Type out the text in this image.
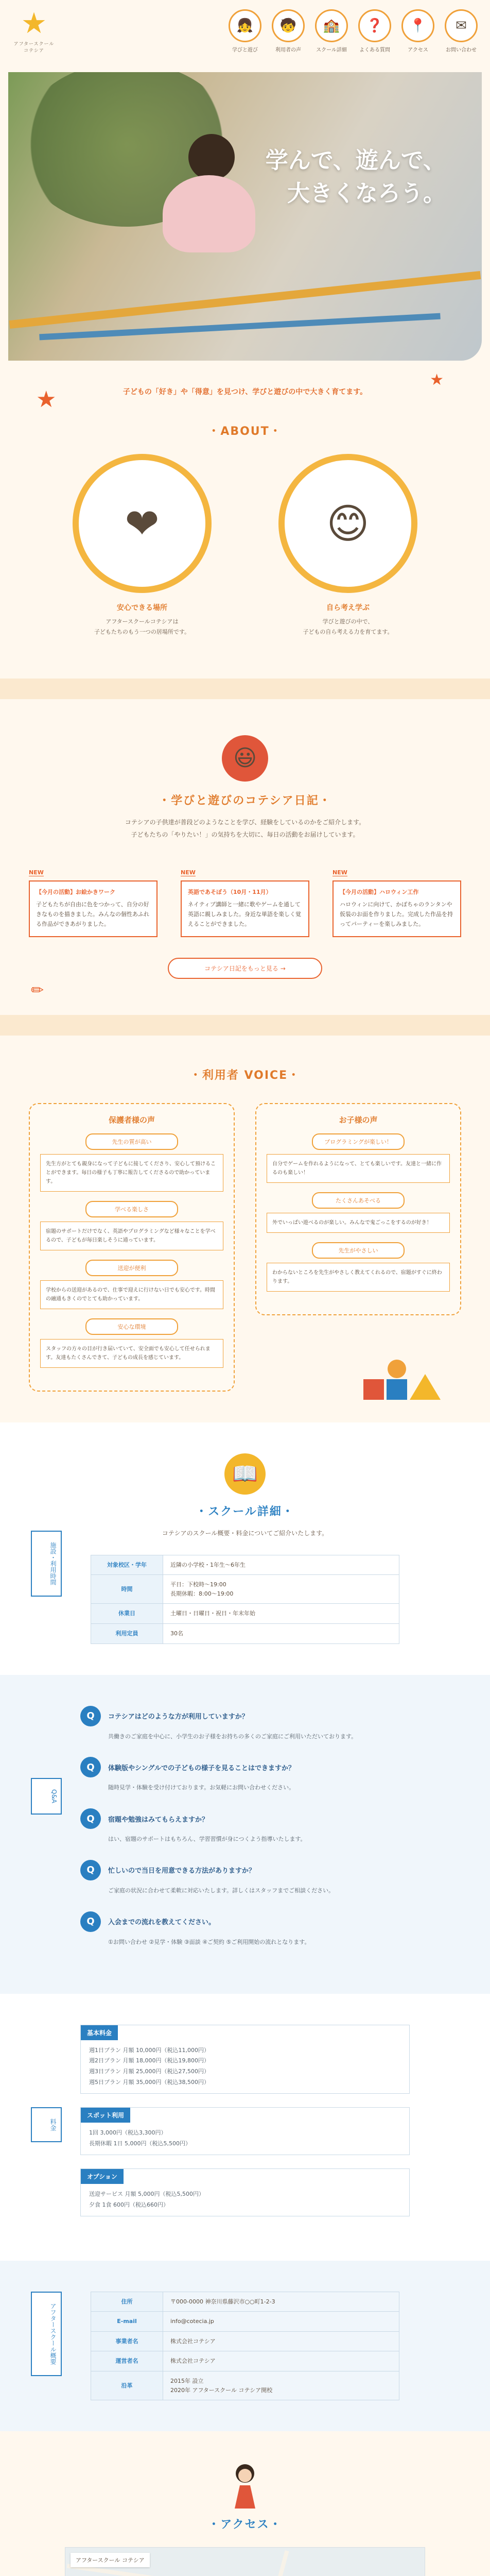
★
アフタースクール コテシア
👧
学びと遊び
🧒
利用者の声
🏫
スクール詳細
❓
よくある質問
📍
アクセス
✉
お問い合わせ
学んで、遊んで、
大きくなろう。
★
★
子どもの「好き」や「得意」を見つけ、学びと遊びの中で大きく育てます。
・ABOUT・
❤
安心できる場所
アフタースクールコテシアは
子どもたちのもう一つの居場所です。
😊
自ら考え学ぶ
学びと遊びの中で、
子どもの自ら考える力を育てます。
😃
・学びと遊びのコテシア日記・
コテシアの子供達が普段どのようなことを学び、経験をしているのかをご紹介します。
子どもたちの「やりたい！」の気持ちを大切に、毎日の活動をお届けしています。
NEW
【今月の活動】お絵かきワーク
子どもたちが自由に色をつかって、自分の好きなものを描きました。みんなの個性あふれる作品ができあがりました。
NEW
英語であそぼう（10月・11月）
ネイティブ講師と一緒に歌やゲームを通して英語に親しみました。身近な単語を楽しく覚えることができました。
NEW
【今月の活動】ハロウィン工作
ハロウィンに向けて、かぼちゃのランタンや仮装のお面を作りました。完成した作品を持ってパーティーを楽しみました。
コテシア日記をもっと見る →
✏
・利用者 VOICE・
保護者様の声
先生の質が高い
先生方がとても親身になって子どもに接してくださり、安心して預けることができます。毎日の様子も丁寧に報告してくださるので助かっています。
学べる楽しさ
宿題のサポートだけでなく、英語やプログラミングなど様々なことを学べるので、子どもが毎日楽しそうに通っています。
送迎が便利
学校からの送迎があるので、仕事で迎えに行けない日でも安心です。時間の融通もきくのでとても助かっています。
安心な環境
スタッフの方々の目が行き届いていて、安全面でも安心して任せられます。友達もたくさんできて、子どもの成長を感じています。
お子様の声
プログラミングが楽しい！
自分でゲームを作れるようになって、とても楽しいです。友達と一緒に作るのも楽しい！
たくさんあそべる
外でいっぱい遊べるのが楽しい。みんなで鬼ごっこをするのが好き！
先生がやさしい
わからないところを先生がやさしく教えてくれるので、宿題がすぐに終わります。
📖
・スクール詳細・
コテシアのスクール概要・料金についてご紹介いたします。
施設・利用時間	対象校区・学年	近隣の小学校・1年生〜6年生
時間	平日：下校時〜19:00
長期休暇：8:00〜19:00
休業日	土曜日・日曜日・祝日・年末年始
利用定員	30名
Q&A
Q	コテシアはどのような方が利用していますか？
共働きのご家庭を中心に、小学生のお子様をお持ちの多くのご家庭にご利用いただいております。
Q	体験版やシングルでの子どもの様子を見ることはできますか？
随時見学・体験を受け付けております。お気軽にお問い合わせください。
Q	宿題や勉強はみてもらえますか？
はい、宿題のサポートはもちろん、学習習慣が身につくよう指導いたします。
Q	忙しいので当日を用意できる方法がありますか？
ご家庭の状況に合わせて柔軟に対応いたします。詳しくはスタッフまでご相談ください。
Q	入会までの流れを教えてください。
①お問い合わせ ②見学・体験 ③面談 ④ご契約 ⑤ご利用開始の流れとなります。
料金
基本料金
週1日プラン 月額 10,000円（税込11,000円）
週2日プラン 月額 18,000円（税込19,800円）
週3日プラン 月額 25,000円（税込27,500円）
週5日プラン 月額 35,000円（税込38,500円）
スポット利用
1回 3,000円（税込3,300円）
長期休暇 1日 5,000円（税込5,500円）
オプション
送迎サービス 月額 5,000円（税込5,500円）
夕食 1食 600円（税込660円）
アフタースクール概要
住所	〒000-0000 神奈川県藤沢市○○町1-2-3
E-mail	info@cotecia.jp
事業者名	株式会社コテシア
運営者名	株式会社コテシア
沿革	2015年 設立
2020年 アフタースクール コテシア開校
・アクセス・
アフタースクール コテシア
